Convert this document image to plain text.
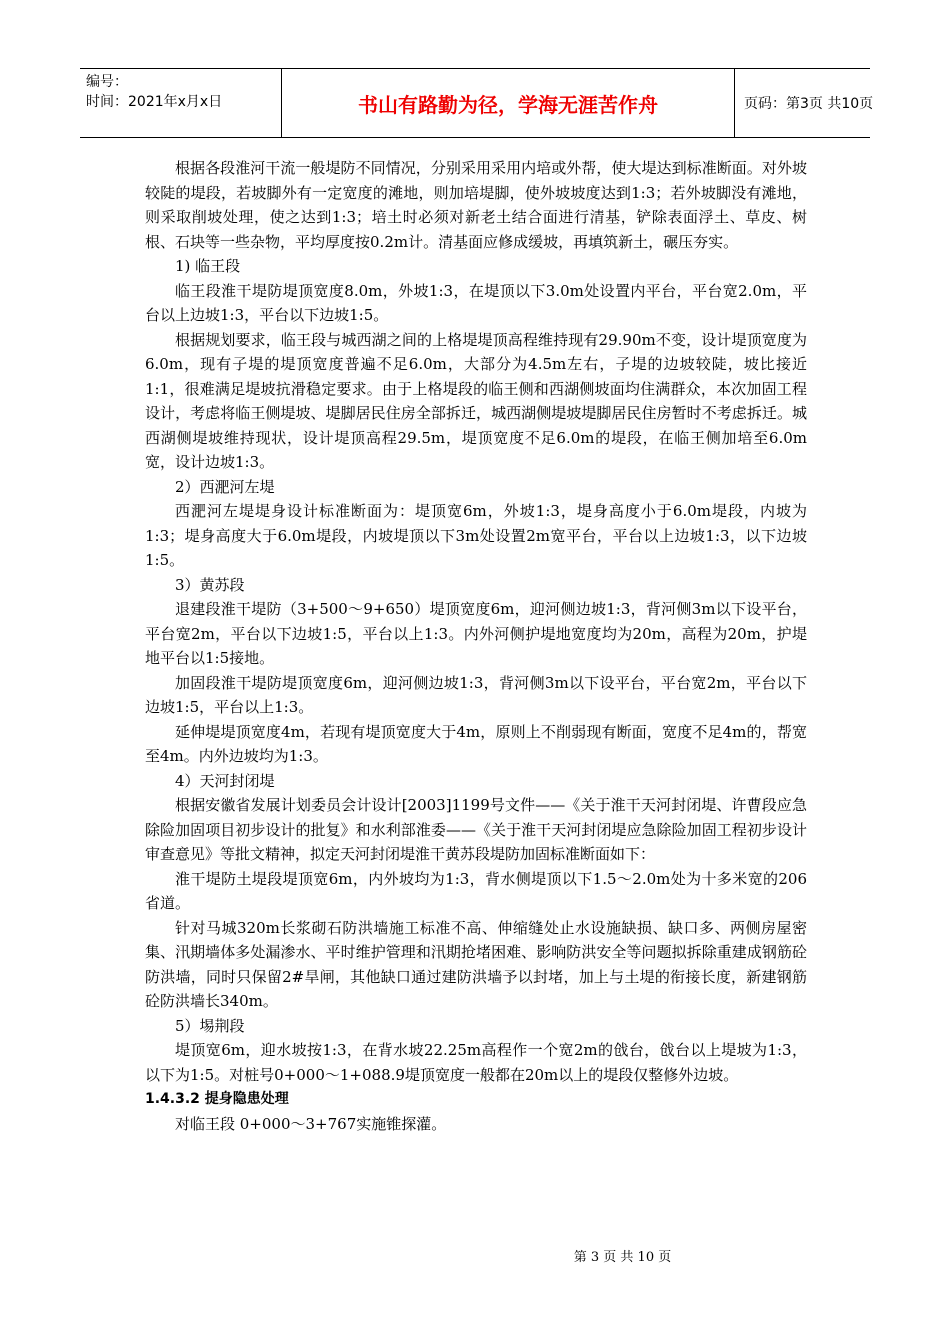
编号：
时间：2021年x月x日	书山有路勤为径，学海无涯苦作舟	页码：第3页 共10页

根据各段淮河干流一般堤防不同情况，分别采用采用内培或外帮，使大堤达到标准断面。对外坡较陡的堤段，若坡脚外有一定宽度的滩地，则加培堤脚，使外坡坡度达到1:3；若外坡脚没有滩地，则采取削坡处理，使之达到1:3；培土时必须对新老土结合面进行清基，铲除表面浮土、草皮、树根、石块等一些杂物，平均厚度按0.2m计。清基面应修成缓坡，再填筑新土，碾压夯实。

1) 临王段

临王段淮干堤防堤顶宽度8.0m，外坡1:3，在堤顶以下3.0m处设置内平台，平台宽2.0m，平台以上边坡1:3，平台以下边坡1:5。

根据规划要求，临王段与城西湖之间的上格堤堤顶高程维持现有29.90m不变，设计堤顶宽度为6.0m，现有子堤的堤顶宽度普遍不足6.0m，大部分为4.5m左右，子堤的边坡较陡，坡比接近1:1，很难满足堤坡抗滑稳定要求。由于上格堤段的临王侧和西湖侧坡面均住满群众，本次加固工程设计，考虑将临王侧堤坡、堤脚居民住房全部拆迁，城西湖侧堤坡堤脚居民住房暂时不考虑拆迁。城西湖侧堤坡维持现状，设计堤顶高程29.5m，堤顶宽度不足6.0m的堤段，在临王侧加培至6.0m宽，设计边坡1:3。

2）西淝河左堤

西淝河左堤堤身设计标准断面为：堤顶宽6m，外坡1:3，堤身高度小于6.0m堤段，内坡为1:3；堤身高度大于6.0m堤段，内坡堤顶以下3m处设置2m宽平台，平台以上边坡1:3，以下边坡1:5。

3）黄苏段

退建段淮干堤防（3+500～9+650）堤顶宽度6m，迎河侧边坡1:3，背河侧3m以下设平台，平台宽2m，平台以下边坡1:5，平台以上1:3。内外河侧护堤地宽度均为20m，高程为20m，护堤地平台以1:5接地。

加固段淮干堤防堤顶宽度6m，迎河侧边坡1:3，背河侧3m以下设平台，平台宽2m，平台以下边坡1:5，平台以上1:3。

延伸堤堤顶宽度4m，若现有堤顶宽度大于4m，原则上不削弱现有断面，宽度不足4m的，帮宽至4m。内外边坡均为1:3。

4）天河封闭堤

根据安徽省发展计划委员会计设计[2003]1199号文件——《关于淮干天河封闭堤、许曹段应急除险加固项目初步设计的批复》和水利部淮委——《关于淮干天河封闭堤应急除险加固工程初步设计审查意见》等批文精神，拟定天河封闭堤淮干黄苏段堤防加固标准断面如下：

淮干堤防土堤段堤顶宽6m，内外坡均为1:3，背水侧堤顶以下1.5～2.0m处为十多米宽的206省道。

针对马城320m长浆砌石防洪墙施工标准不高、伸缩缝处止水设施缺损、缺口多、两侧房屋密集、汛期墙体多处漏渗水、平时维护管理和汛期抢堵困难、影响防洪安全等问题拟拆除重建成钢筋砼防洪墙，同时只保留2#旱闸，其他缺口通过建防洪墙予以封堵，加上与土堤的衔接长度，新建钢筋砼防洪墙长340m。

5）埸荆段

堤顶宽6m，迎水坡按1:3，在背水坡22.25m高程作一个宽2m的戗台，戗台以上堤坡为1:3，以下为1:5。对桩号0+000～1+088.9堤顶宽度一般都在20m以上的堤段仅整修外边坡。

1.4.3.2 提身隐患处理

对临王段 0+000～3+767实施锥探灌。

第 3 页 共 10 页
